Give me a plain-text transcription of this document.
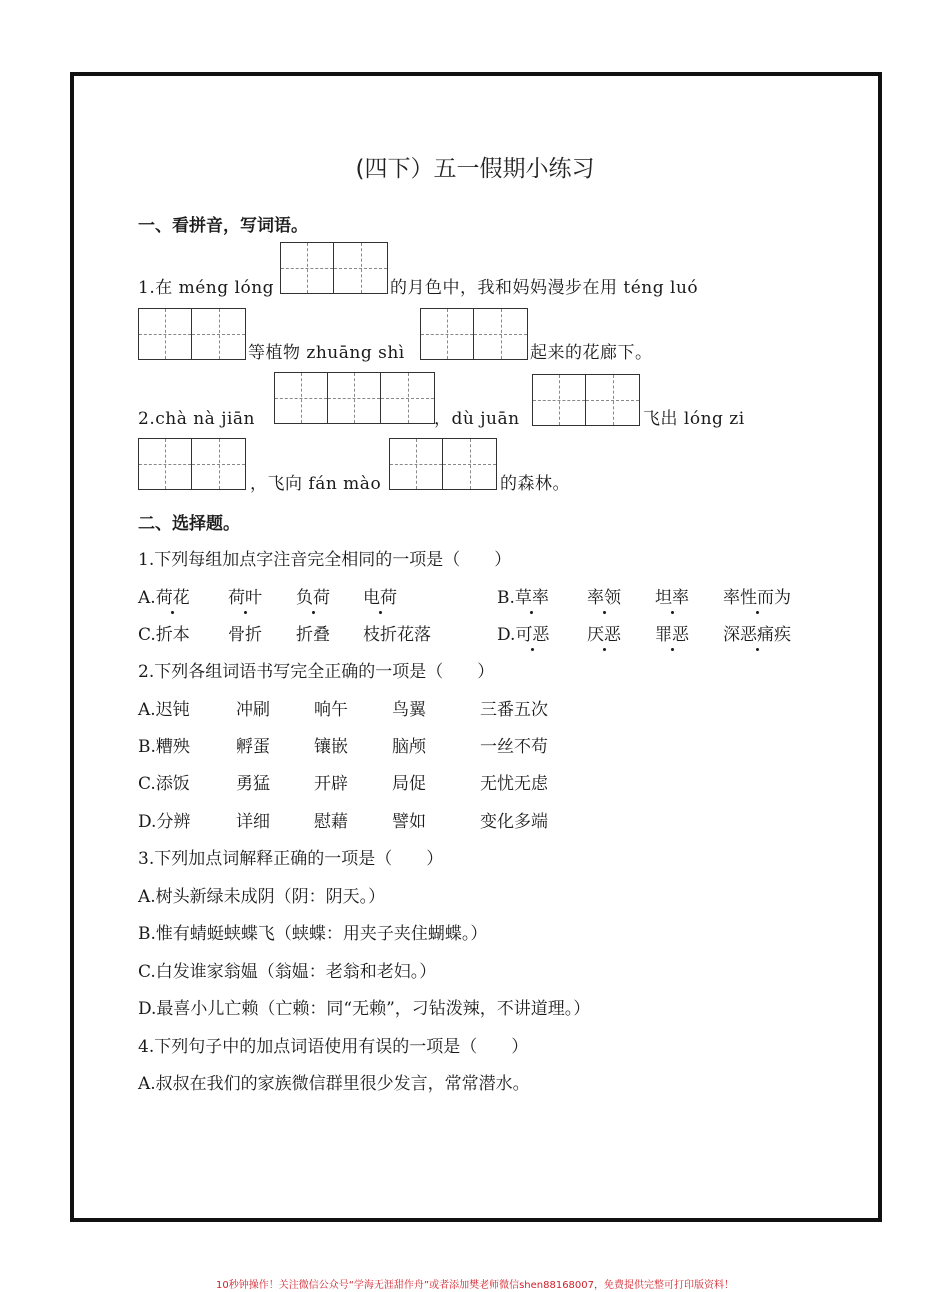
(四下）五一假期小练习
一、看拼音，写词语。
1.在 méng lóng	的月色中，我和妈妈漫步在用 téng luó
等植物 zhuāng shì	起来的花廊下。
2.chà nà jiān	，dù juān	飞出 lóng zi
，飞向 fán mào	的森林。
二、选择题。
1.下列每组加点字注音完全相同的一项是（　　）
A.荷花 荷叶 负荷 电荷	B.草率 率领 坦率 率性而为
C.折本 骨折 折叠 枝折花落	D.可恶 厌恶 罪恶 深恶痛疾
2.下列各组词语书写完全正确的一项是（　　）
A.迟钝	冲刷	响午	鸟翼	三番五次
B.糟殃	孵蛋	镶嵌	脑颅	一丝不苟
C.添饭	勇猛	开辟	局促	无忧无虑
D.分辨	详细	慰藉	譬如	变化多端
3.下列加点词解释正确的一项是（　　）
A.树头新绿未成阴（阴：阴天。）
B.惟有蜻蜓蛱蝶飞（蛱蝶：用夹子夹住蝴蝶。）
C.白发谁家翁媪（翁媪：老翁和老妇。）
D.最喜小儿亡赖（亡赖：同“无赖”，刁钻泼辣，不讲道理。）
4.下列句子中的加点词语使用有误的一项是（　　）
A.叔叔在我们的家族微信群里很少发言，常常潜水。
10秒钟操作！关注微信公众号“学海无涯甜作舟”或者添加樊老师微信shen88168007，免费提供完整可打印版资料！
